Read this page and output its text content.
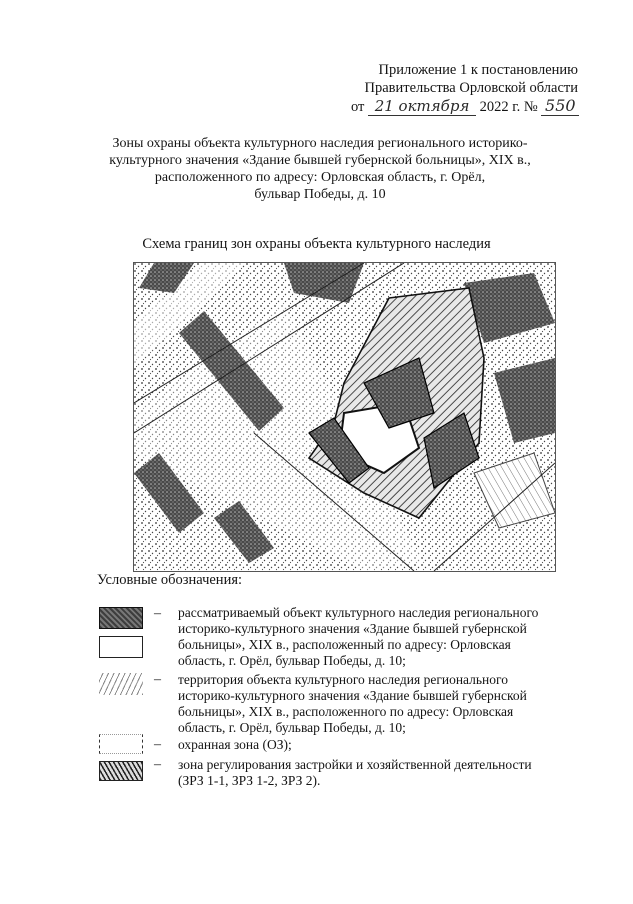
Приложение 1 к постановлению
Правительства Орловской области
от 21 октября 2022 г. № 550
Зоны охраны объекта культурного наследия регионального историко-
культурного значения «Здание бывшей губернской больницы», XIX в.,
расположенного по адресу: Орловская область, г. Орёл,
бульвар Победы, д. 10
Схема границ зон охраны объекта культурного наследия
Условные обозначения:
– рассматриваемый объект культурного наследия регионального
историко-культурного значения «Здание бывшей губернской
больницы», XIX в., расположенный по адресу: Орловская
область, г. Орёл, бульвар Победы, д. 10;
– территория объекта культурного наследия регионального
историко-культурного значения «Здание бывшей губернской
больницы», XIX в., расположенного по адресу: Орловская
область, г. Орёл, бульвар Победы, д. 10;
– охранная зона (ОЗ);
– зона регулирования застройки и хозяйственной деятельности
(ЗРЗ 1-1, ЗРЗ 1-2, ЗРЗ 2).
